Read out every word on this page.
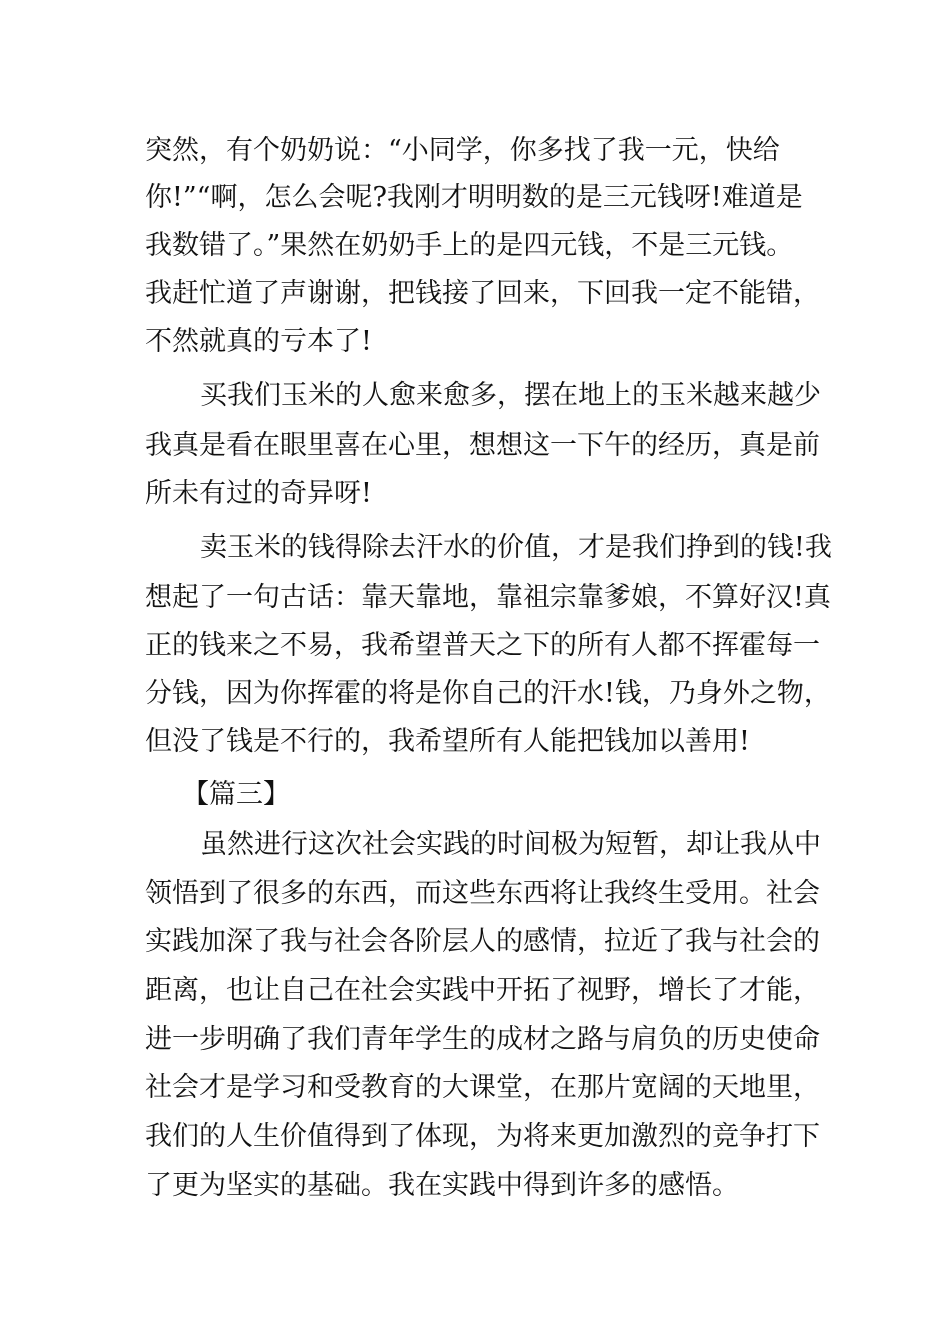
突然，有个奶奶说：“小同学，你多找了我一元，快给
你!”“啊，怎么会呢?我刚才明明数的是三元钱呀!难道是
我数错了。”果然在奶奶手上的是四元钱，不是三元钱。
我赶忙道了声谢谢，把钱接了回来，下回我一定不能错，
不然就真的亏本了!
买我们玉米的人愈来愈多，摆在地上的玉米越来越少
我真是看在眼里喜在心里，想想这一下午的经历，真是前
所未有过的奇异呀!
卖玉米的钱得除去汗水的价值，才是我们挣到的钱!我
想起了一句古话：靠天靠地，靠祖宗靠爹娘，不算好汉!真
正的钱来之不易，我希望普天之下的所有人都不挥霍每一
分钱，因为你挥霍的将是你自己的汗水!钱，乃身外之物，
但没了钱是不行的，我希望所有人能把钱加以善用!
【篇三】
虽然进行这次社会实践的时间极为短暂，却让我从中
领悟到了很多的东西，而这些东西将让我终生受用。社会
实践加深了我与社会各阶层人的感情，拉近了我与社会的
距离，也让自己在社会实践中开拓了视野，增长了才能，
进一步明确了我们青年学生的成材之路与肩负的历史使命
社会才是学习和受教育的大课堂，在那片宽阔的天地里，
我们的人生价值得到了体现，为将来更加激烈的竞争打下
了更为坚实的基础。我在实践中得到许多的感悟。
